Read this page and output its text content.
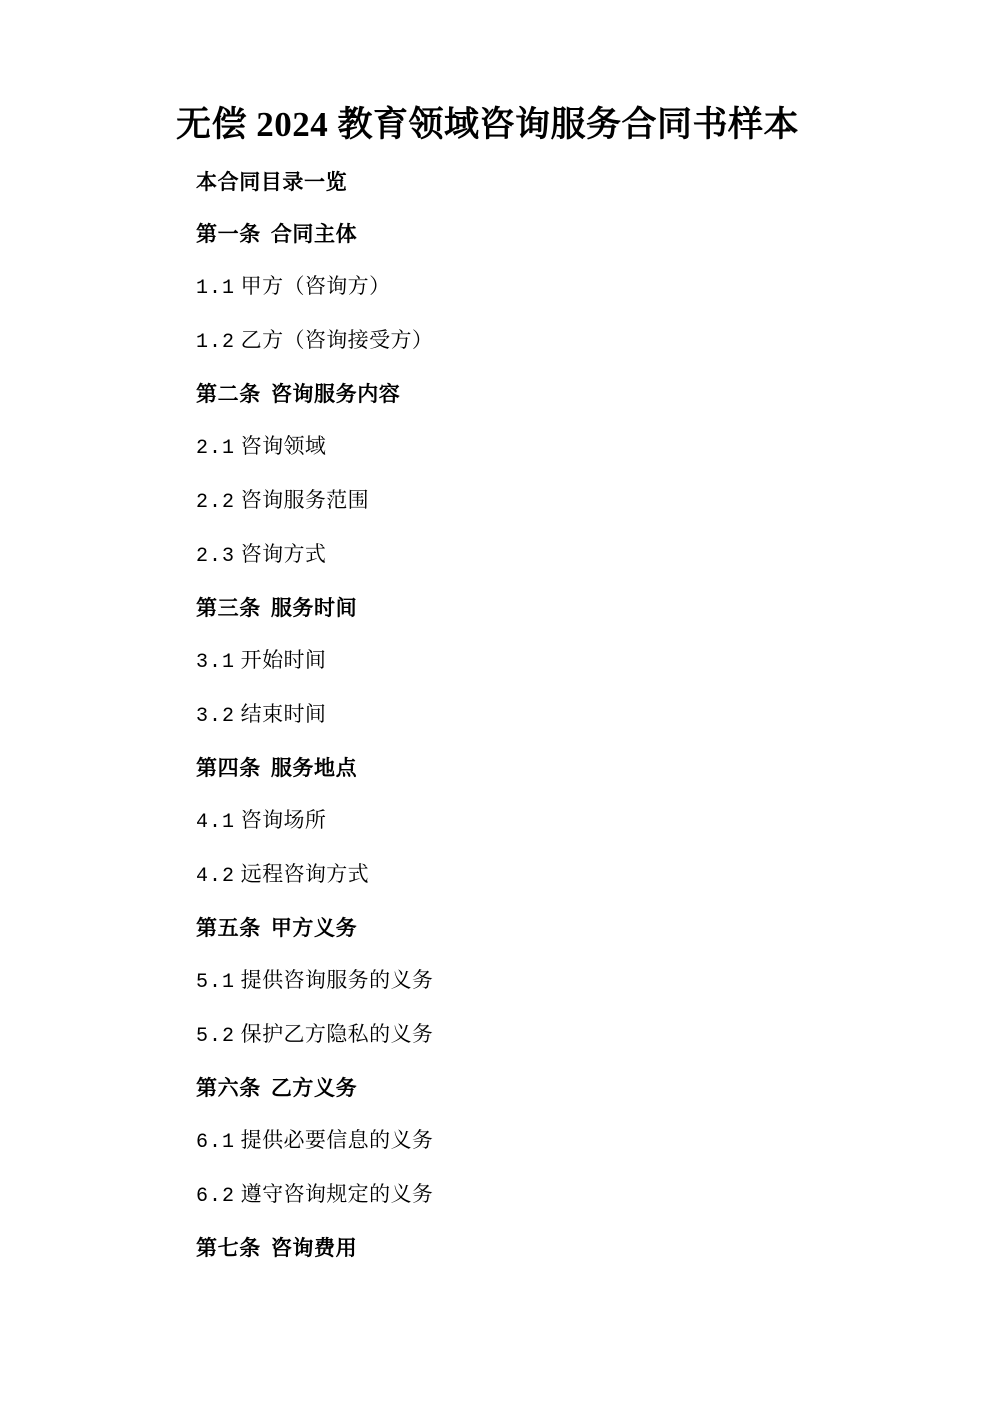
无偿 2024 教育领域咨询服务合同书样本

本合同目录一览

第一条 合同主体

1.1 甲方（咨询方）

1.2 乙方（咨询接受方）

第二条 咨询服务内容

2.1 咨询领域

2.2 咨询服务范围

2.3 咨询方式

第三条 服务时间

3.1 开始时间

3.2 结束时间

第四条 服务地点

4.1 咨询场所

4.2 远程咨询方式

第五条 甲方义务

5.1 提供咨询服务的义务

5.2 保护乙方隐私的义务

第六条 乙方义务

6.1 提供必要信息的义务

6.2 遵守咨询规定的义务

第七条 咨询费用
